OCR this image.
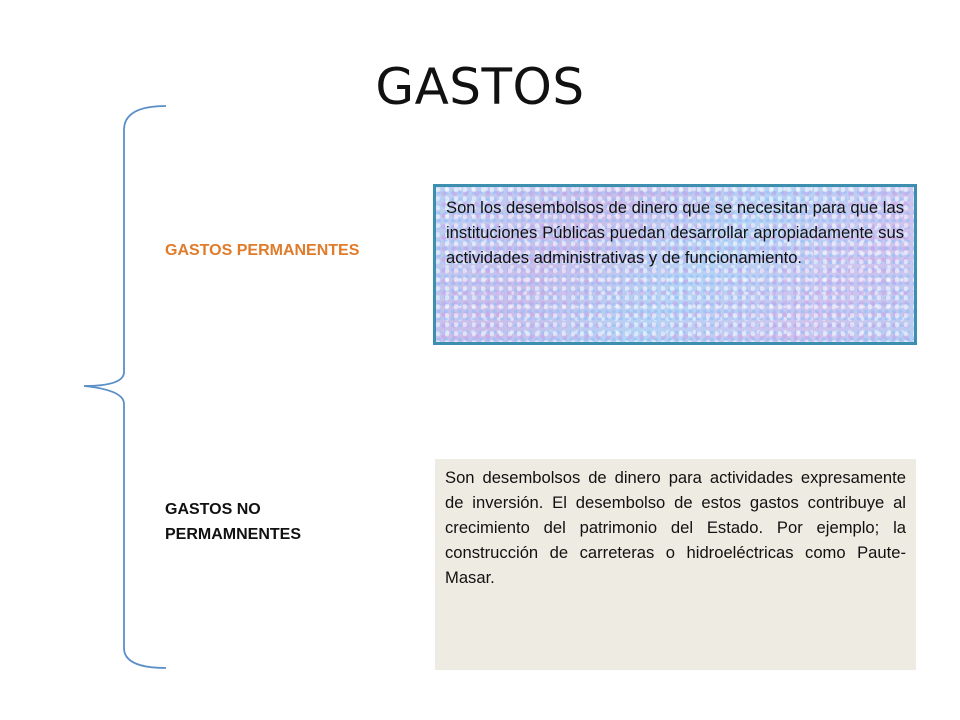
GASTOS
GASTOS PERMANENTES
Son los desembolsos de dinero que se necesitan para que las instituciones Públicas puedan desarrollar apropiadamente sus actividades administrativas y de funcionamiento.
GASTOS NO PERMAMNENTES
Son desembolsos de dinero para actividades expresamente de inversión. El desembolso de estos gastos contribuye al crecimiento del patrimonio del Estado. Por ejemplo; la construcción de carreteras o hidroeléctricas como Paute-Masar.
